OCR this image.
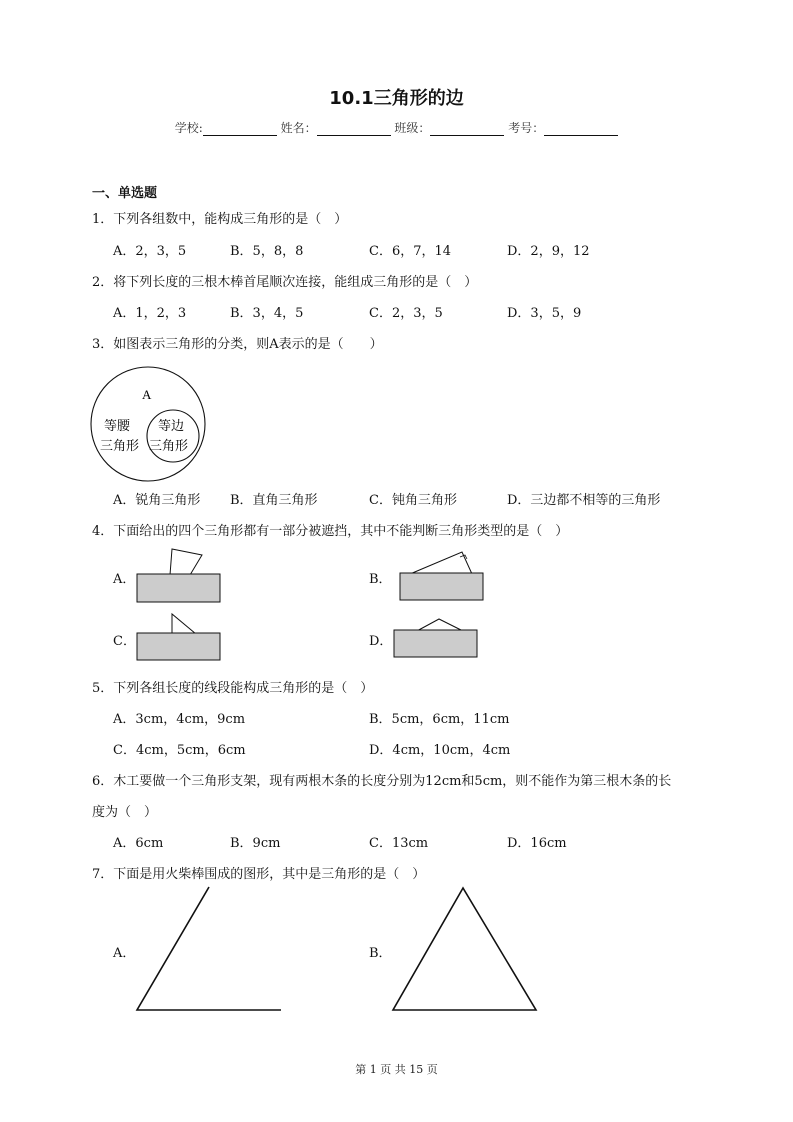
10.1三角形的边
学校:	姓名：	班级：	考号：
一、单选题
1．下列各组数中，能构成三角形的是（　）
A．2，3，5	B．5，8，8	C．6，7，14	D．2，9，12
2．将下列长度的三根木棒首尾顺次连接，能组成三角形的是（　）
A．1，2，3	B．3，4，5	C．2，3，5	D．3，5，9
3．如图表示三角形的分类，则A表示的是（　　）
A
等腰
三角形
等边
三角形
A．锐角三角形 B．直角三角形	C．钝角三角形	D．三边都不相等的三角形
4．下面给出的四个三角形都有一部分被遮挡，其中不能判断三角形类型的是（　）
A．	B．
C．	D．
5．下列各组长度的线段能构成三角形的是（　）
A．3cm，4cm，9cm	B．5cm，6cm，11cm
C．4cm，5cm，6cm	D．4cm，10cm，4cm
6．木工要做一个三角形支架，现有两根木条的长度分别为12cm和5cm，则不能作为第三根木条的长
度为（　）
A．6cm	B．9cm	C．13cm	D．16cm
7．下面是用火柴棒围成的图形，其中是三角形的是（　）
A．	B．
第 1 页 共 15 页
